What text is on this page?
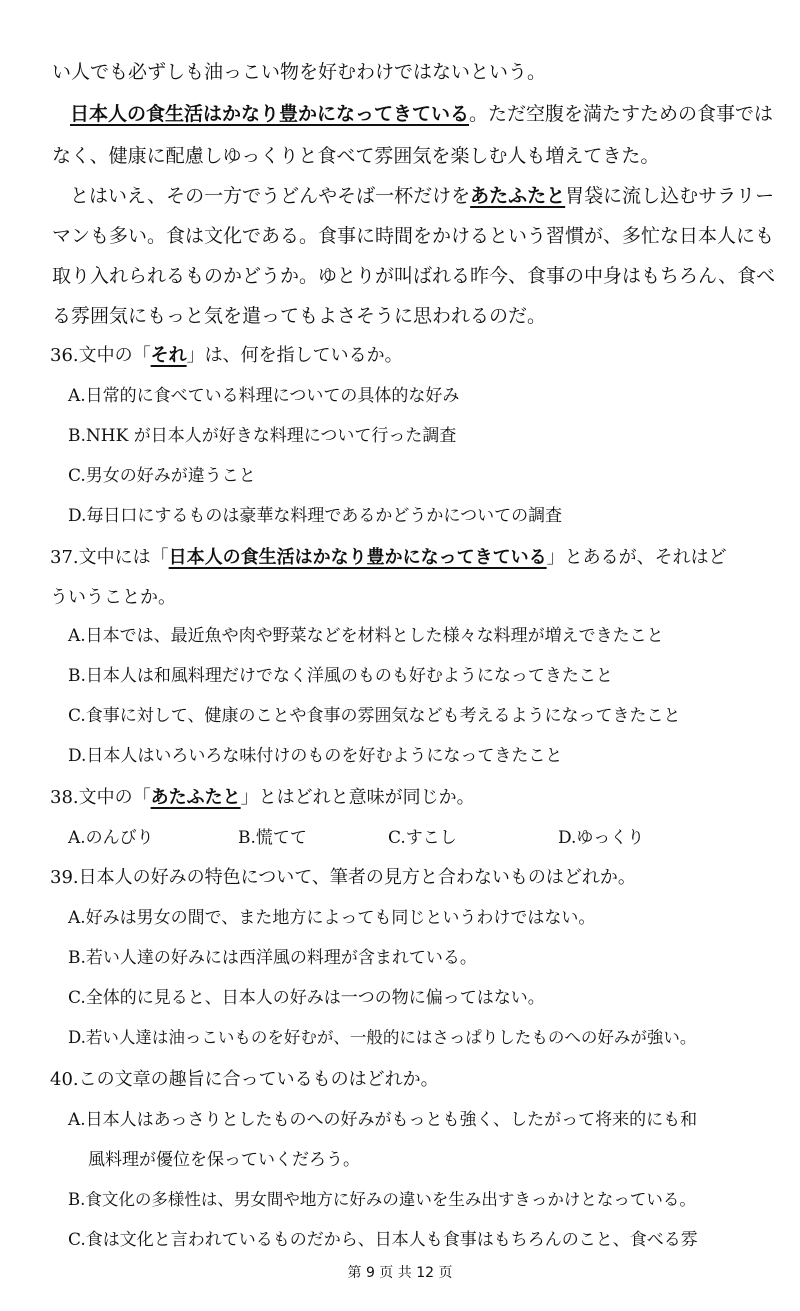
い人でも必ずしも油っこい物を好むわけではないという。
日本人の食生活はかなり豊かになってきている。ただ空腹を満たすための食事では
なく、健康に配慮しゆっくりと食べて雰囲気を楽しむ人も増えてきた。
とはいえ、その一方でうどんやそば一杯だけをあたふたと胃袋に流し込むサラリー
マンも多い。食は文化である。食事に時間をかけるという習慣が、多忙な日本人にも
取り入れられるものかどうか。ゆとりが叫ばれる昨今、食事の中身はもちろん、食べ
る雰囲気にもっと気を遣ってもよさそうに思われるのだ。
36.文中の「それ」は、何を指しているか。
A.日常的に食べている料理についての具体的な好み
B.NHK が日本人が好きな料理について行った調査
C.男女の好みが違うこと
D.毎日口にするものは豪華な料理であるかどうかについての調査
37.文中には「日本人の食生活はかなり豊かになってきている」とあるが、それはど
ういうことか。
A.日本では、最近魚や肉や野菜などを材料とした様々な料理が増えできたこと
B.日本人は和風料理だけでなく洋風のものも好むようになってきたこと
C.食事に対して、健康のことや食事の雰囲気なども考えるようになってきたこと
D.日本人はいろいろな味付けのものを好むようになってきたこと
38.文中の「あたふたと」とはどれと意味が同じか。
A.のんびり	B.慌てて	C.すこし	D.ゆっくり
39.日本人の好みの特色について、筆者の見方と合わないものはどれか。
A.好みは男女の間で、また地方によっても同じというわけではない。
B.若い人達の好みには西洋風の料理が含まれている。
C.全体的に見ると、日本人の好みは一つの物に偏ってはない。
D.若い人達は油っこいものを好むが、一般的にはさっぱりしたものへの好みが強い。
40.この文章の趣旨に合っているものはどれか。
A.日本人はあっさりとしたものへの好みがもっとも強く、したがって将来的にも和
風料理が優位を保っていくだろう。
B.食文化の多様性は、男女間や地方に好みの違いを生み出すきっかけとなっている。
C.食は文化と言われているものだから、日本人も食事はもちろんのこと、食べる雰
第 9 页 共 12 页
